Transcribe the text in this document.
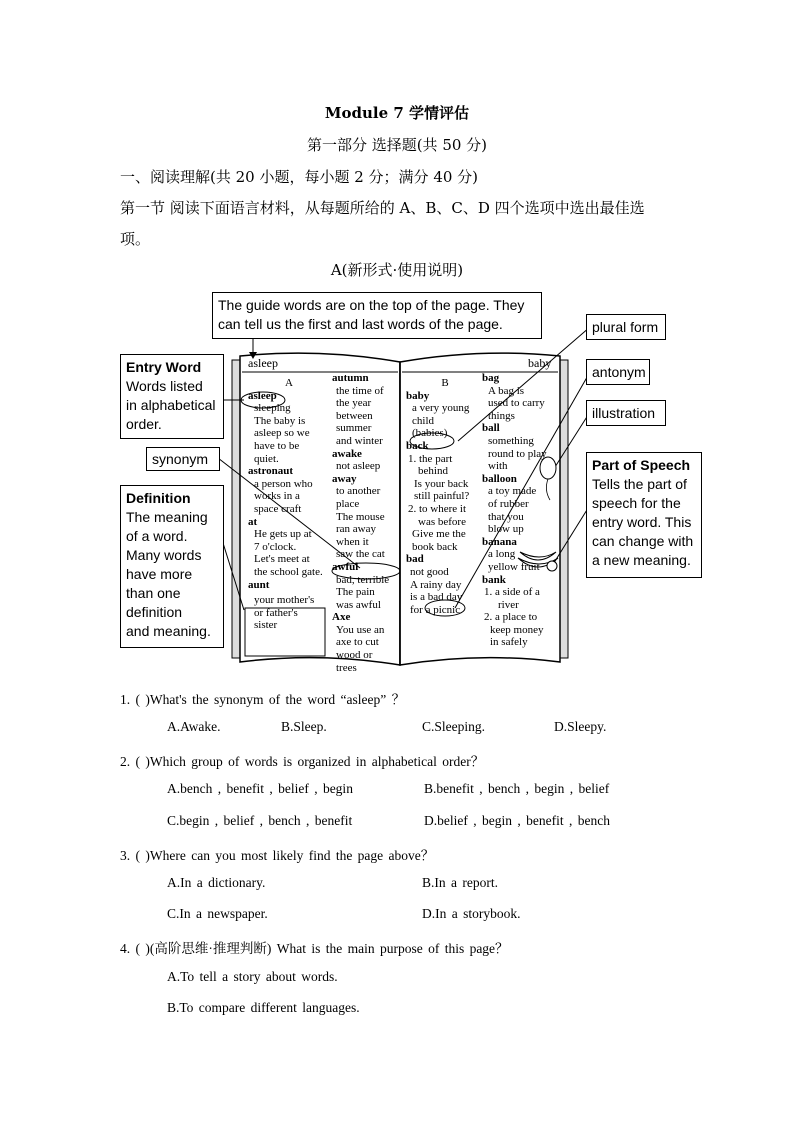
Module 7 学情评估
第一部分 选择题(共 50 分)
一、阅读理解(共 20 小题，每小题 2 分；满分 40 分)
第一节 阅读下面语言材料，从每题所给的 A、B、C、D 四个选项中选出最佳选
项。
A(新形式·使用说明)
The guide words are on the top of the page. They
can tell us the first and last words of the page.
Entry Word
Words listed
in alphabetical
order.
synonym
Definition
The meaning
of a word.
Many words
have more
than one
definition
and meaning.
plural form
antonym
illustration
Part of Speech
Tells the part of
speech for the
entry word. This
can change with
a new meaning.
asleep	baby
A
asleep
sleeping
The baby is
asleep so we
have to be
quiet.
astronaut
a person who
works in a
space craft
at
He gets up at
7 o'clock.
Let's meet at
the school gate.
aunt
your mother's
or father's
sister
autumn
the time of
the year
between
summer
and winter
awake
not asleep
away
to another
place
The mouse
ran away
when it
saw the cat
awful
bad, terrible
The pain
was awful
Axe
You use an
axe to cut
wood or
trees
B
baby
a very young
child
(babies)
back
1. the part
behind
Is your back
still painful?
2. to where it
was before
Give me the
book back
bad
not good
A rainy day
is a bad day
for a picnic
bag
A bag is
used to carry
things
ball
something
round to play
with
balloon
a toy made
of rubber
that you
blow up
banana
a long
yellow fruit
bank
1. a side of a
river
2. a place to
keep money
in safely
1. ( )What's the synonym of the word “asleep” ？
A.Awake.	B.Sleep.	C.Sleeping.	D.Sleepy.
2. ( )Which group of words is organized in alphabetical order？
A.bench , benefit , belief , begin	B.benefit , bench , begin , belief
C.begin , belief , bench , benefit	D.belief , begin , benefit , bench
3. ( )Where can you most likely find the page above？
A.In a dictionary.	B.In a report.
C.In a newspaper.	D.In a storybook.
4. ( )(高阶思维·推理判断) What is the main purpose of this page？
A.To tell a story about words.
B.To compare different languages.
